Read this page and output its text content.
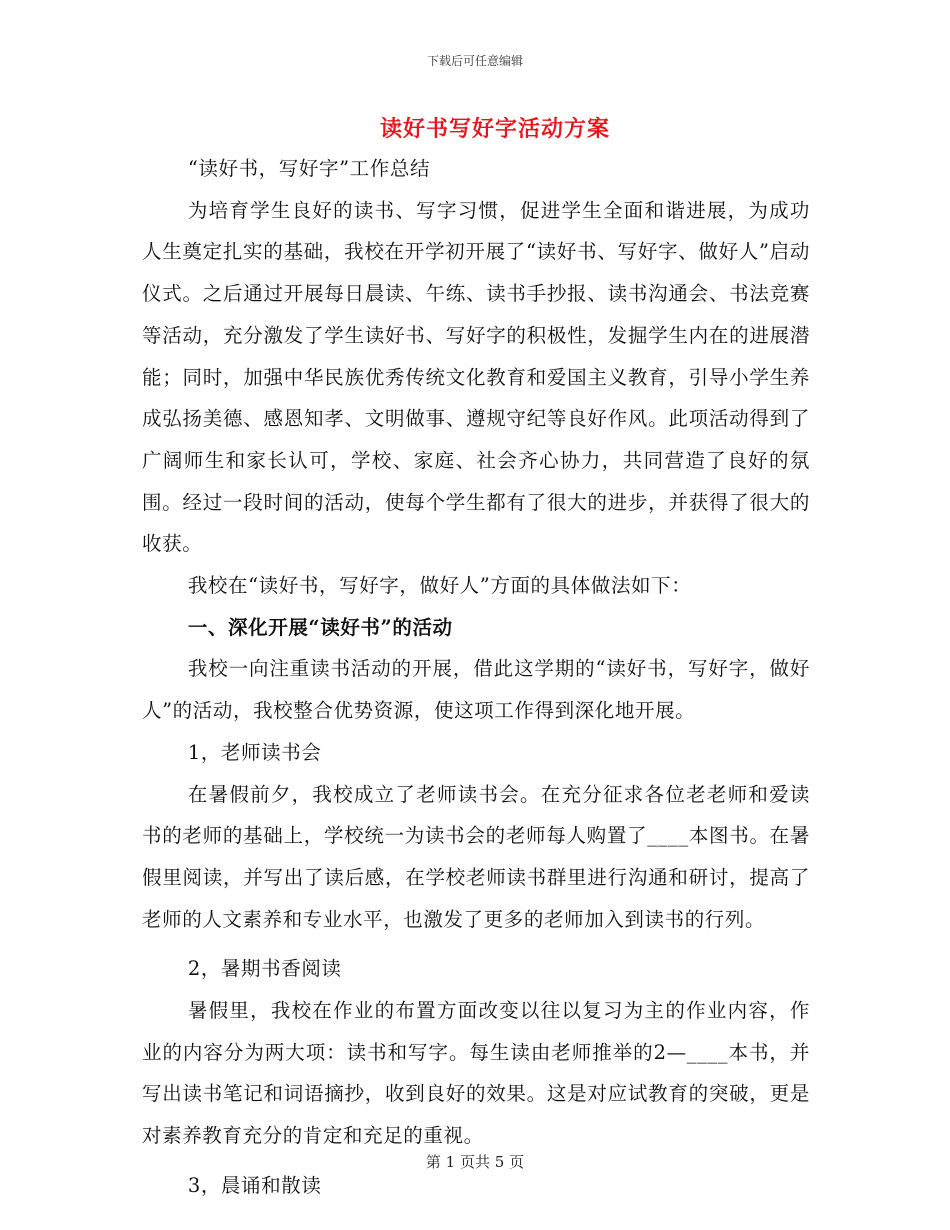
下载后可任意编辑
读好书写好字活动方案

“读好书，写好字”工作总结

为培育学生良好的读书、写字习惯，促进学生全面和谐进展，为成功人生奠定扎实的基础，我校在开学初开展了“读好书、写好字、做好人”启动仪式。之后通过开展每日晨读、午练、读书手抄报、读书沟通会、书法竞赛等活动，充分激发了学生读好书、写好字的积极性，发掘学生内在的进展潜能；同时，加强中华民族优秀传统文化教育和爱国主义教育，引导小学生养成弘扬美德、感恩知孝、文明做事、遵规守纪等良好作风。此项活动得到了广阔师生和家长认可，学校、家庭、社会齐心协力，共同营造了良好的氛围。经过一段时间的活动，使每个学生都有了很大的进步，并获得了很大的收获。

我校在“读好书，写好字，做好人”方面的具体做法如下：

一、深化开展“读好书”的活动

我校一向注重读书活动的开展，借此这学期的“读好书，写好字，做好人”的活动，我校整合优势资源，使这项工作得到深化地开展。

1，老师读书会

在暑假前夕，我校成立了老师读书会。在充分征求各位老老师和爱读书的老师的基础上，学校统一为读书会的老师每人购置了____本图书。在暑假里阅读，并写出了读后感，在学校老师读书群里进行沟通和研讨，提高了老师的人文素养和专业水平，也激发了更多的老师加入到读书的行列。

2，暑期书香阅读

暑假里，我校在作业的布置方面改变以往以复习为主的作业内容，作业的内容分为两大项：读书和写字。每生读由老师推举的2—____本书，并写出读书笔记和词语摘抄，收到良好的效果。这是对应试教育的突破，更是对素养教育充分的肯定和充足的重视。

3，晨诵和散读

第 1 页共 5 页
